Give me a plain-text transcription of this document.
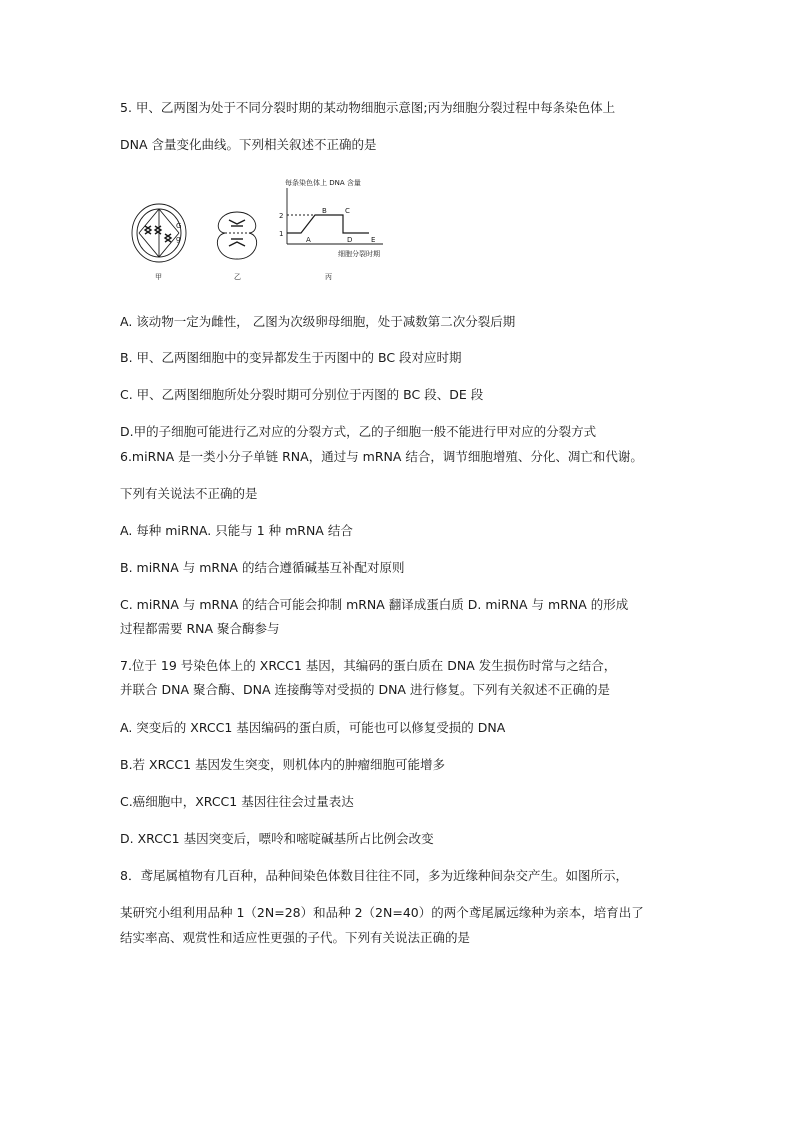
5. 甲、乙两图为处于不同分裂时期的某动物细胞示意图;丙为细胞分裂过程中每条染色体上
DNA 含量变化曲线。下列相关叙述不正确的是
G
g
每条染色体上 DNA 含量
1
2
A
B	C
D	E
细胞分裂时期
甲	乙	丙
A. 该动物一定为雌性， 乙图为次级卵母细胞，处于减数第二次分裂后期
B. 甲、乙两图细胞中的变异都发生于丙图中的 BC 段对应时期
C. 甲、乙两图细胞所处分裂时期可分别位于丙图的 BC 段、DE 段
D.甲的子细胞可能进行乙对应的分裂方式，乙的子细胞一般不能进行甲对应的分裂方式
6.miRNA 是一类小分子单链 RNA，通过与 mRNA 结合，调节细胞增殖、分化、凋亡和代谢。
下列有关说法不正确的是
A. 每种 miRNA. 只能与 1 种 mRNA 结合
B. miRNA 与 mRNA 的结合遵循碱基互补配对原则
C. miRNA 与 mRNA 的结合可能会抑制 mRNA 翻译成蛋白质 D. miRNA 与 mRNA 的形成
过程都需要 RNA 聚合酶参与
7.位于 19 号染色体上的 XRCC1 基因，其编码的蛋白质在 DNA 发生损伤时常与之结合，
并联合 DNA 聚合酶、DNA 连接酶等对受损的 DNA 进行修复。下列有关叙述不正确的是
A. 突变后的 XRCC1 基因编码的蛋白质，可能也可以修复受损的 DNA
B.若 XRCC1 基因发生突变，则机体内的肿瘤细胞可能增多
C.癌细胞中，XRCC1 基因往往会过量表达
D. XRCC1 基因突变后，嘌呤和嘧啶碱基所占比例会改变
8．鸢尾属植物有几百种，品种间染色体数目往往不同，多为近缘种间杂交产生。如图所示，
某研究小组利用品种 1（2N=28）和品种 2（2N=40）的两个鸢尾属远缘种为亲本，培育出了
结实率高、观赏性和适应性更强的子代。下列有关说法正确的是
